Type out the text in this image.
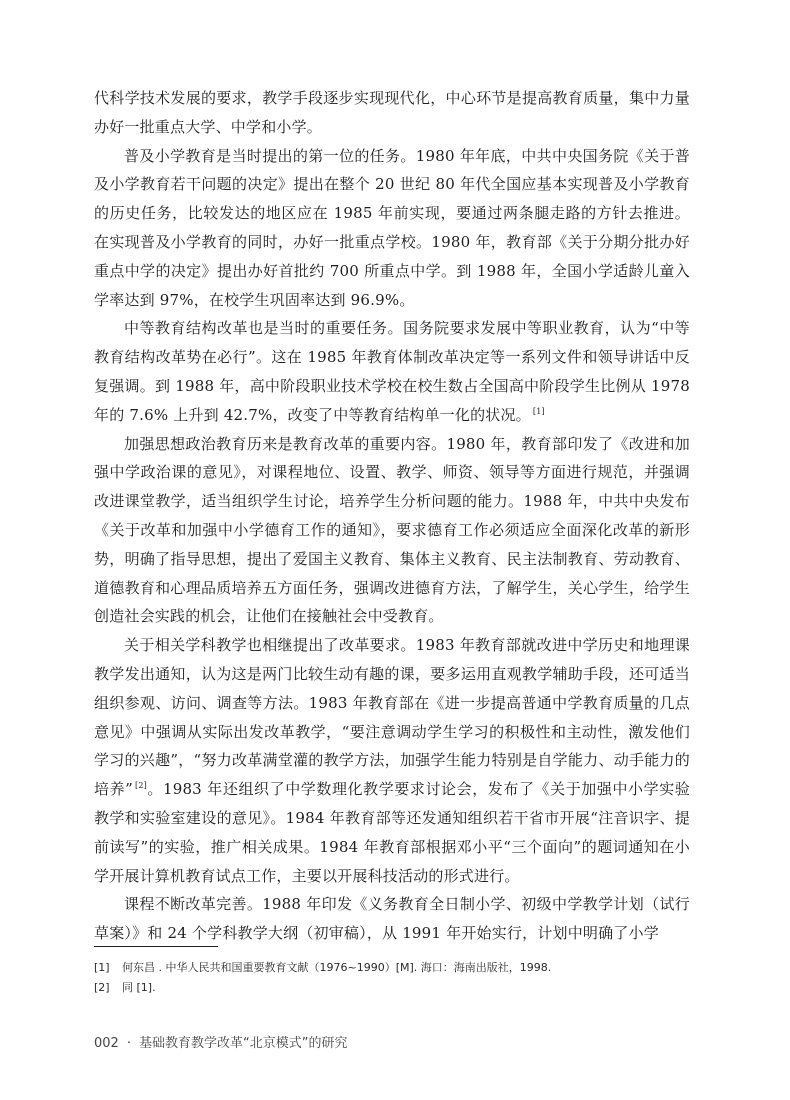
代科学技术发展的要求，教学手段逐步实现现代化，中心环节是提高教育质量，集中力量办好一批重点大学、中学和小学。

普及小学教育是当时提出的第一位的任务。1980 年年底，中共中央国务院《关于普及小学教育若干问题的决定》提出在整个 20 世纪 80 年代全国应基本实现普及小学教育的历史任务，比较发达的地区应在 1985 年前实现，要通过两条腿走路的方针去推进。在实现普及小学教育的同时，办好一批重点学校。1980 年，教育部《关于分期分批办好重点中学的决定》提出办好首批约 700 所重点中学。到 1988 年，全国小学适龄儿童入学率达到 97%，在校学生巩固率达到 96.9%。

中等教育结构改革也是当时的重要任务。国务院要求发展中等职业教育，认为“中等教育结构改革势在必行”。这在 1985 年教育体制改革决定等一系列文件和领导讲话中反复强调。到 1988 年，高中阶段职业技术学校在校生数占全国高中阶段学生比例从 1978 年的 7.6% 上升到 42.7%，改变了中等教育结构单一化的状况。 [1]

加强思想政治教育历来是教育改革的重要内容。1980 年，教育部印发了《改进和加强中学政治课的意见》，对课程地位、设置、教学、师资、领导等方面进行规范，并强调改进课堂教学，适当组织学生讨论，培养学生分析问题的能力。1988 年，中共中央发布《关于改革和加强中小学德育工作的通知》，要求德育工作必须适应全面深化改革的新形势，明确了指导思想，提出了爱国主义教育、集体主义教育、民主法制教育、劳动教育、道德教育和心理品质培养五方面任务，强调改进德育方法，了解学生，关心学生，给学生创造社会实践的机会，让他们在接触社会中受教育。

关于相关学科教学也相继提出了改革要求。1983 年教育部就改进中学历史和地理课教学发出通知，认为这是两门比较生动有趣的课，要多运用直观教学辅助手段，还可适当组织参观、访问、调查等方法。1983 年教育部在《进一步提高普通中学教育质量的几点意见》中强调从实际出发改革教学，“要注意调动学生学习的积极性和主动性，激发他们学习的兴趣”，“努力改革满堂灌的教学方法，加强学生能力特别是自学能力、动手能力的培养” [2]。1983 年还组织了中学数理化教学要求讨论会，发布了《关于加强中小学实验教学和实验室建设的意见》。1984 年教育部等还发通知组织若干省市开展“注音识字、提前读写”的实验，推广相关成果。1984 年教育部根据邓小平“三个面向”的题词通知在小学开展计算机教育试点工作，主要以开展科技活动的形式进行。

课程不断改革完善。1988 年印发《义务教育全日制小学、初级中学教学计划（试行草案）》和 24 个学科教学大纲（初审稿），从 1991 年开始实行，计划中明确了小学

[1]	何东昌 . 中华人民共和国重要教育文献（1976~1990）[M]. 海口：海南出版社，1998.
[2]	同 [1].
002 · 基础教育教学改革“北京模式”的研究
